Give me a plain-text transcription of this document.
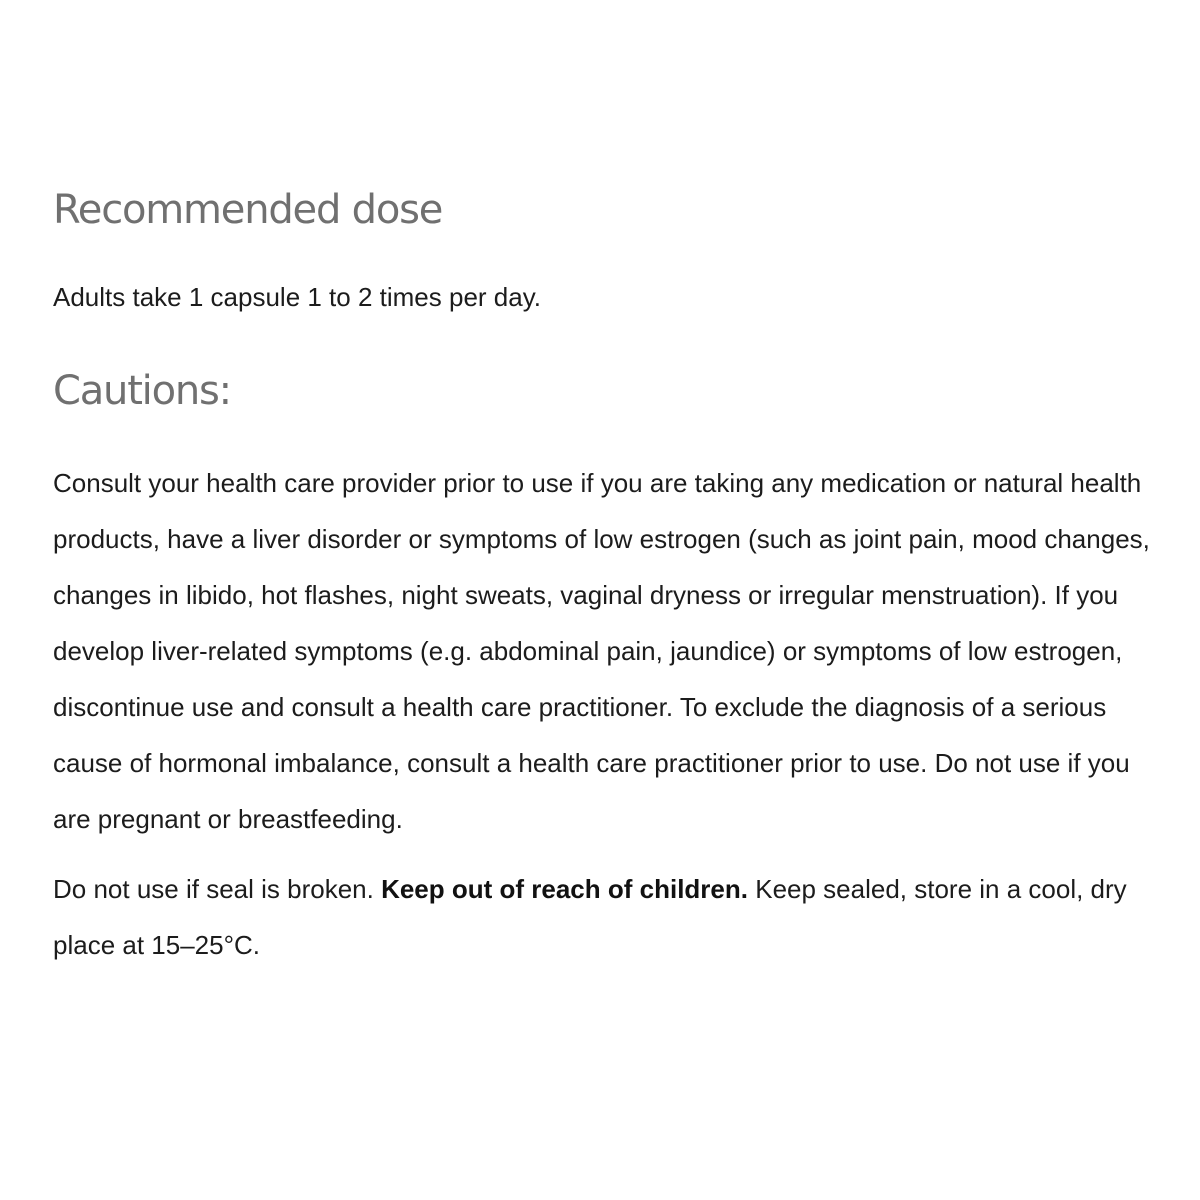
Recommended dose

Adults take 1 capsule 1 to 2 times per day.

Cautions:

Consult your health care provider prior to use if you are taking any medication or natural health products, have a liver disorder or symptoms of low estrogen (such as joint pain, mood changes, changes in libido, hot flashes, night sweats, vaginal dryness or irregular menstruation). If you develop liver-related symptoms (e.g. abdominal pain, jaundice) or symptoms of low estrogen, discontinue use and consult a health care practitioner. To exclude the diagnosis of a serious cause of hormonal imbalance, consult a health care practitioner prior to use. Do not use if you are pregnant or breastfeeding.

Do not use if seal is broken. Keep out of reach of children. Keep sealed, store in a cool, dry place at 15–25°C.
